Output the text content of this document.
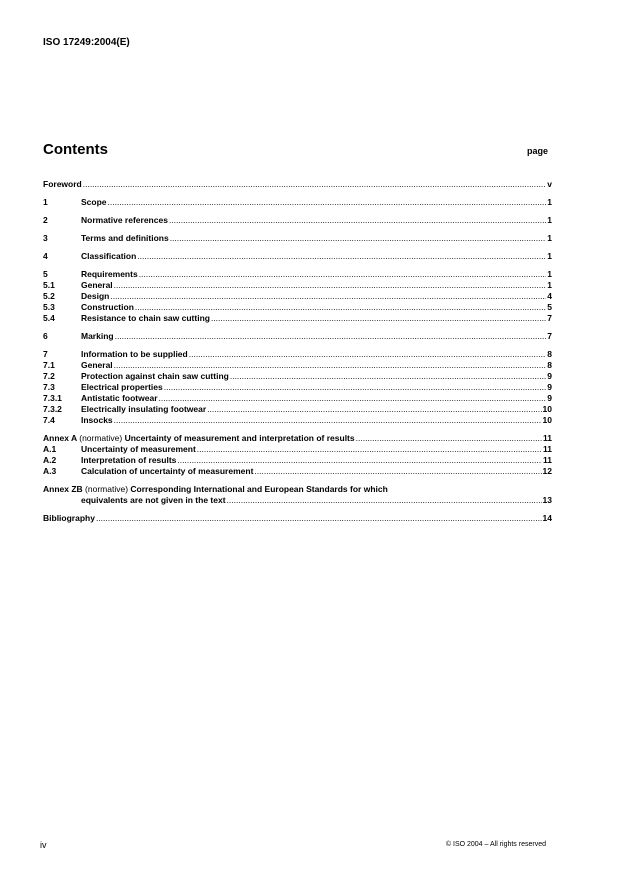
ISO 17249:2004(E)
Contents	page
Foreword .....	v
1	Scope .....	1
2	Normative references .....	1
3	Terms and definitions .....	1
4	Classification .....	1
5	Requirements .....	1
5.1	General .....	1
5.2	Design .....	4
5.3	Construction .....	5
5.4	Resistance to chain saw cutting .....	7
6	Marking .....	7
7	Information to be supplied .....	8
7.1	General .....	8
7.2	Protection against chain saw cutting .....	9
7.3	Electrical properties .....	9
7.3.1	Antistatic footwear .....	9
7.3.2	Electrically insulating footwear .....	10
7.4	Insocks .....	10
Annex A (normative) Uncertainty of measurement and interpretation of results .....	11
A.1	Uncertainty of measurement .....	11
A.2	Interpretation of results .....	11
A.3	Calculation of uncertainty of measurement .....	12
Annex ZB (normative) Corresponding International and European Standards for which
equivalents are not given in the text .....	13
Bibliography .....	14
iv	© ISO 2004 – All rights reserved
